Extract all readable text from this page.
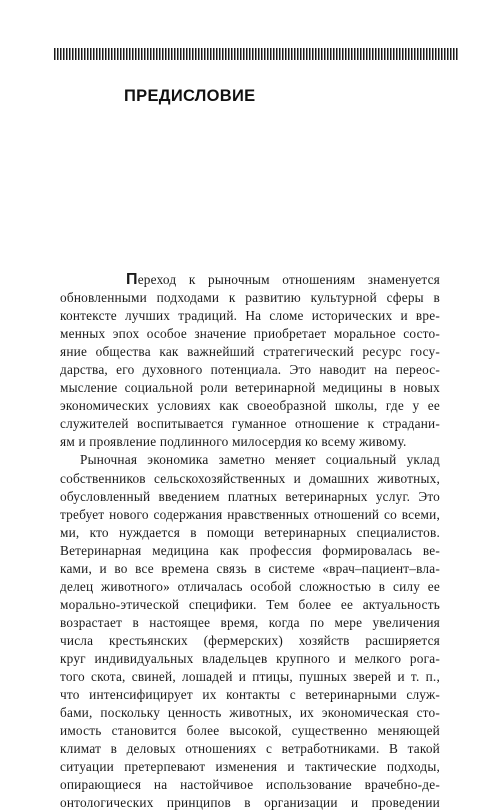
ПРЕДИСЛОВИЕ
Переход к рыночным отношениям знаменуется
обновленными подходами к развитию культурной сферы в
контексте лучших традиций. На сломе исторических и вре-
менных эпох особое значение приобретает моральное состо-
яние общества как важнейший стратегический ресурс госу-
дарства, его духовного потенциала. Это наводит на переос-
мысление социальной роли ветеринарной медицины в новых
экономических условиях как своеобразной школы, где у ее
служителей воспитывается гуманное отношение к страдани-
ям и проявление подлинного милосердия ко всему живому.
Рыночная экономика заметно меняет социальный уклад
собственников сельскохозяйственных и домашних животных,
обусловленный введением платных ветеринарных услуг. Это
требует нового содержания нравственных отношений со всеми,
ми, кто нуждается в помощи ветеринарных специалистов.
Ветеринарная медицина как профессия формировалась ве-
ками, и во все времена связь в системе «врач–пациент–вла-
делец животного» отличалась особой сложностью в силу ее
морально-этической специфики. Тем более ее актуальность
возрастает в настоящее время, когда по мере увеличения
числа крестьянских (фермерских) хозяйств расширяется
круг индивидуальных владельцев крупного и мелкого рога-
того скота, свиней, лошадей и птицы, пушных зверей и т. п.,
что интенсифицирует их контакты с ветеринарными служ-
бами, поскольку ценность животных, их экономическая сто-
имость становится более высокой, существенно меняющей
климат в деловых отношениях с ветработниками. В такой
ситуации претерпевают изменения и тактические подходы,
опирающиеся на настойчивое использование врачебно-де-
онтологических принципов в организации и проведении
